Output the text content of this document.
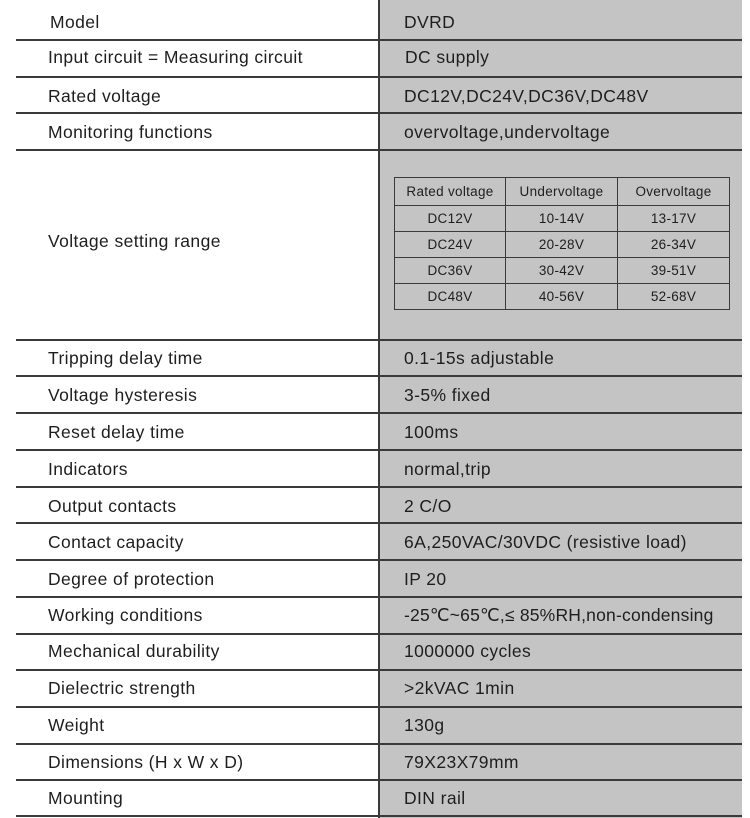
Model	DVRD
Input circuit = Measuring circuit	DC supply
Rated voltage	DC12V,DC24V,DC36V,DC48V
Monitoring functions	overvoltage,undervoltage
Voltage setting range
Rated voltage	Undervoltage	Overvoltage
DC12V	10-14V	13-17V
DC24V	20-28V	26-34V
DC36V	30-42V	39-51V
DC48V	40-56V	52-68V
Tripping delay time	0.1-15s adjustable
Voltage hysteresis	3-5% fixed
Reset delay time	100ms
Indicators	normal,trip
Output contacts	2 C/O
Contact capacity	6A,250VAC/30VDC (resistive load)
Degree of protection	IP 20
Working conditions	-25℃~65℃,≤ 85%RH,non-condensing
Mechanical durability	1000000 cycles
Dielectric strength	>2kVAC 1min
Weight	130g
Dimensions (H x W x D)	79X23X79mm
Mounting	DIN rail
